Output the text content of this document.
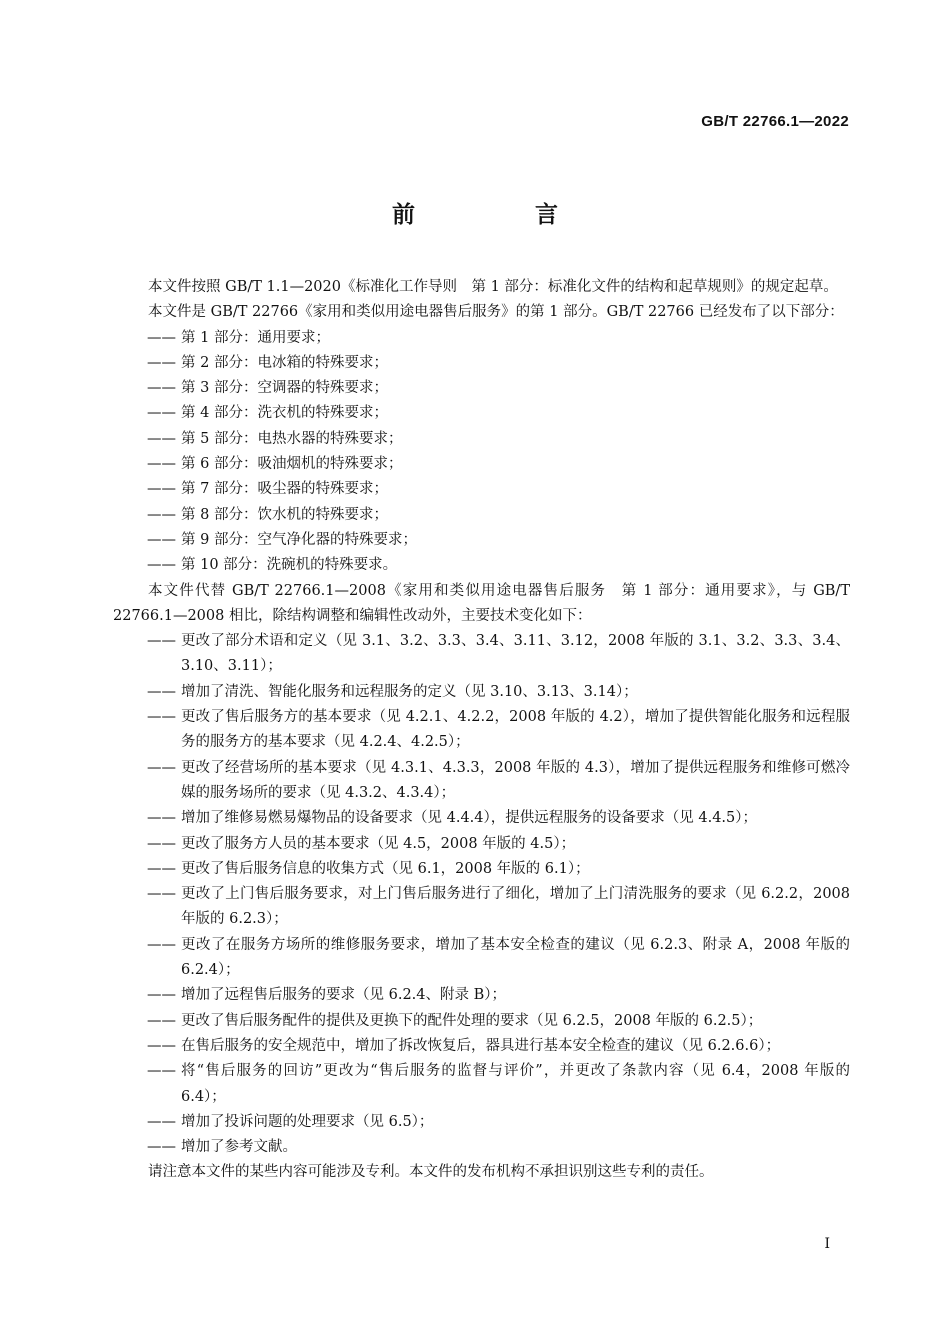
GB/T 22766.1—2022
前 言

本文件按照 GB/T 1.1—2020《标准化工作导则　第 1 部分：标准化文件的结构和起草规则》的规定起草。

本文件是 GB/T 22766《家用和类似用途电器售后服务》的第 1 部分。GB/T 22766 已经发布了以下部分：

—— 第 1 部分：通用要求；
—— 第 2 部分：电冰箱的特殊要求；
—— 第 3 部分：空调器的特殊要求；
—— 第 4 部分：洗衣机的特殊要求；
—— 第 5 部分：电热水器的特殊要求；
—— 第 6 部分：吸油烟机的特殊要求；
—— 第 7 部分：吸尘器的特殊要求；
—— 第 8 部分：饮水机的特殊要求；
—— 第 9 部分：空气净化器的特殊要求；
—— 第 10 部分：洗碗机的特殊要求。

本文件代替 GB/T 22766.1—2008《家用和类似用途电器售后服务　第 1 部分：通用要求》，与 GB/T 22766.1—2008 相比，除结构调整和编辑性改动外，主要技术变化如下：

—— 更改了部分术语和定义（见 3.1、3.2、3.3、3.4、3.11、3.12，2008 年版的 3.1、3.2、3.3、3.4、3.10、3.11）；
—— 增加了清洗、智能化服务和远程服务的定义（见 3.10、3.13、3.14）；
—— 更改了售后服务方的基本要求（见 4.2.1、4.2.2，2008 年版的 4.2），增加了提供智能化服务和远程服务的服务方的基本要求（见 4.2.4、4.2.5）；
—— 更改了经营场所的基本要求（见 4.3.1、4.3.3，2008 年版的 4.3），增加了提供远程服务和维修可燃冷媒的服务场所的要求（见 4.3.2、4.3.4）；
—— 增加了维修易燃易爆物品的设备要求（见 4.4.4），提供远程服务的设备要求（见 4.4.5）；
—— 更改了服务方人员的基本要求（见 4.5，2008 年版的 4.5）；
—— 更改了售后服务信息的收集方式（见 6.1，2008 年版的 6.1）；
—— 更改了上门售后服务要求，对上门售后服务进行了细化，增加了上门清洗服务的要求（见 6.2.2，2008 年版的 6.2.3）；
—— 更改了在服务方场所的维修服务要求，增加了基本安全检查的建议（见 6.2.3、附录 A，2008 年版的 6.2.4）；
—— 增加了远程售后服务的要求（见 6.2.4、附录 B）；
—— 更改了售后服务配件的提供及更换下的配件处理的要求（见 6.2.5，2008 年版的 6.2.5）；
—— 在售后服务的安全规范中，增加了拆改恢复后，器具进行基本安全检查的建议（见 6.2.6.6）；
—— 将“售后服务的回访”更改为“售后服务的监督与评价”，并更改了条款内容（见 6.4，2008 年版的 6.4）；
—— 增加了投诉问题的处理要求（见 6.5）；
—— 增加了参考文献。

请注意本文件的某些内容可能涉及专利。本文件的发布机构不承担识别这些专利的责任。

I
